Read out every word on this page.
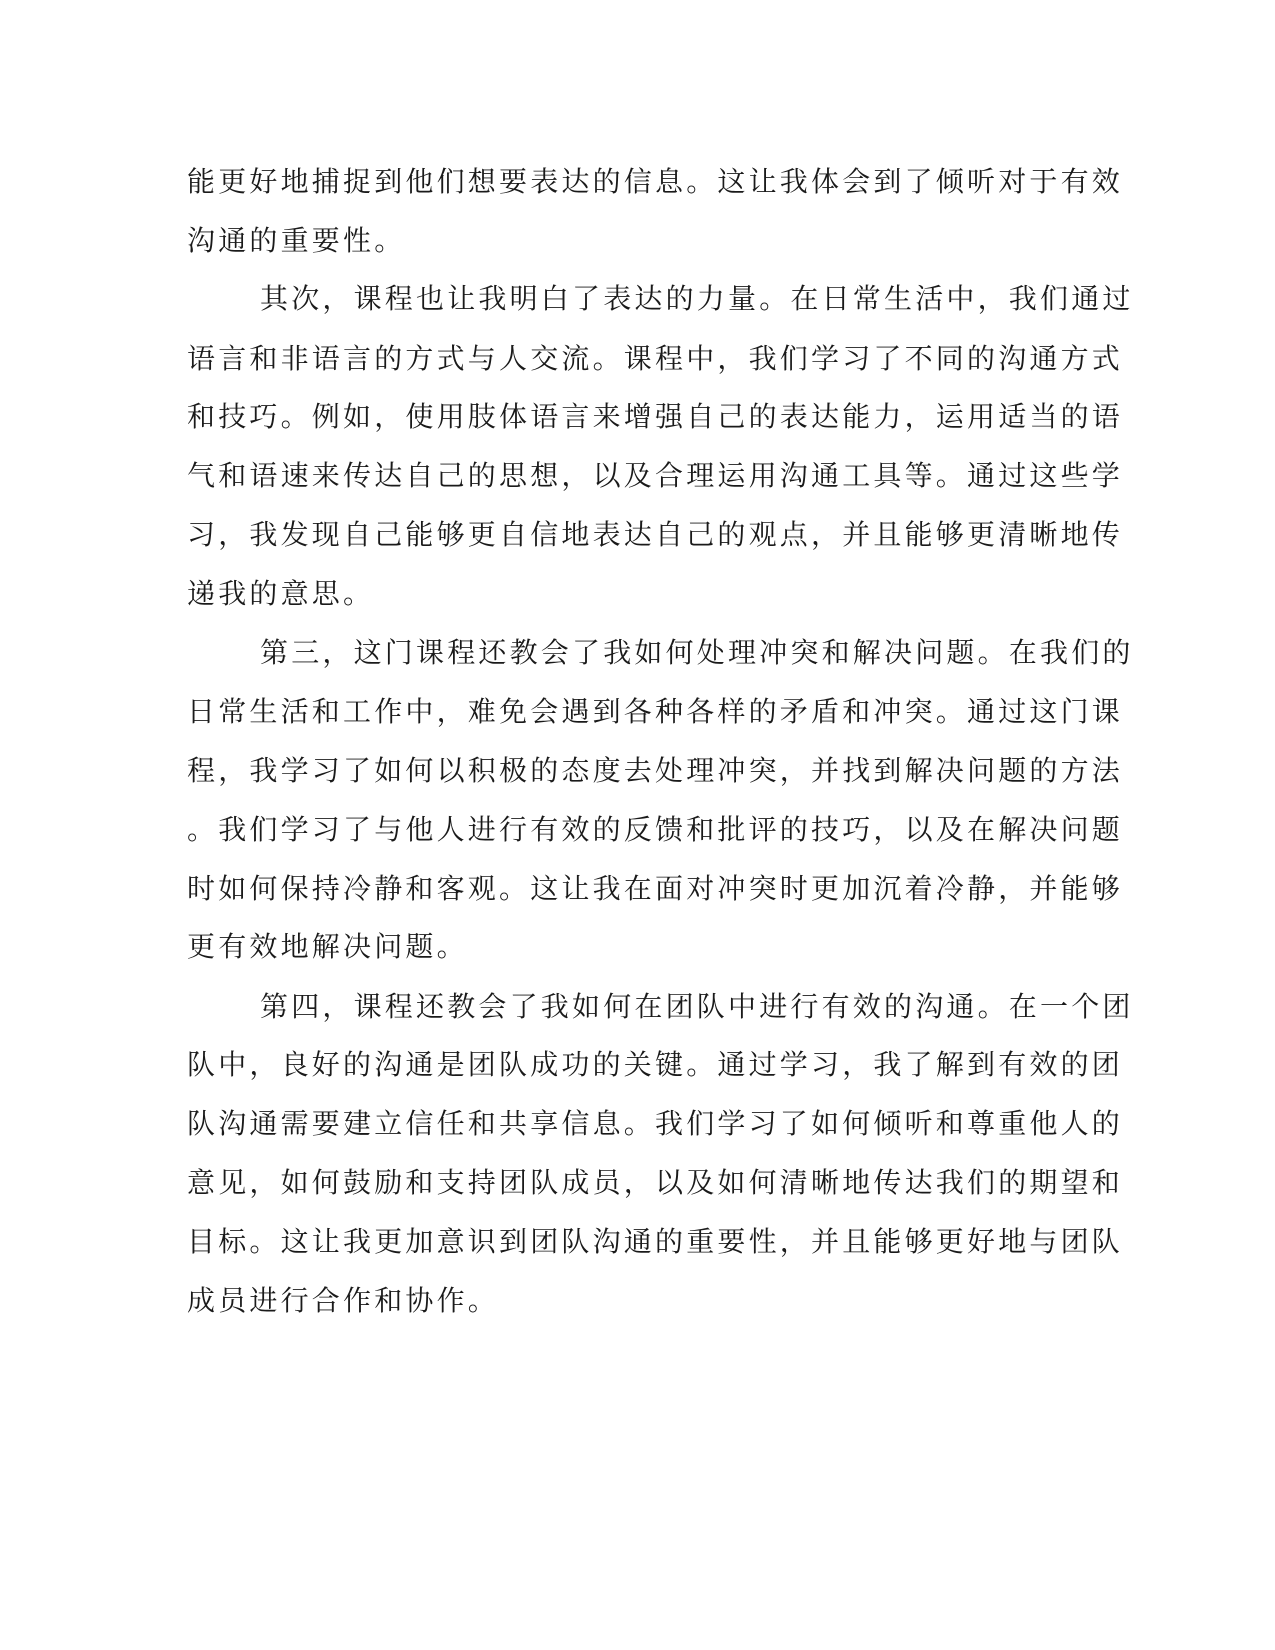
能更好地捕捉到他们想要表达的信息。这让我体会到了倾听对于有效
沟通的重要性。
其次，课程也让我明白了表达的力量。在日常生活中，我们通过
语言和非语言的方式与人交流。课程中，我们学习了不同的沟通方式
和技巧。例如，使用肢体语言来增强自己的表达能力，运用适当的语
气和语速来传达自己的思想，以及合理运用沟通工具等。通过这些学
习，我发现自己能够更自信地表达自己的观点，并且能够更清晰地传
递我的意思。
第三，这门课程还教会了我如何处理冲突和解决问题。在我们的
日常生活和工作中，难免会遇到各种各样的矛盾和冲突。通过这门课
程，我学习了如何以积极的态度去处理冲突，并找到解决问题的方法
。我们学习了与他人进行有效的反馈和批评的技巧，以及在解决问题
时如何保持冷静和客观。这让我在面对冲突时更加沉着冷静，并能够
更有效地解决问题。
第四，课程还教会了我如何在团队中进行有效的沟通。在一个团
队中，良好的沟通是团队成功的关键。通过学习，我了解到有效的团
队沟通需要建立信任和共享信息。我们学习了如何倾听和尊重他人的
意见，如何鼓励和支持团队成员，以及如何清晰地传达我们的期望和
目标。这让我更加意识到团队沟通的重要性，并且能够更好地与团队
成员进行合作和协作。
